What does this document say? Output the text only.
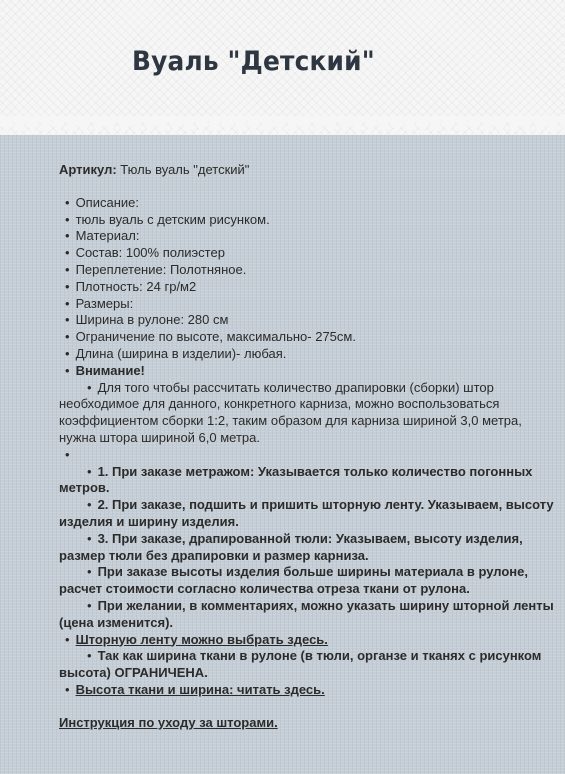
Вуаль "Детский"

Артикул: Тюль вуаль "детский"

• Описание:
• тюль вуаль с детским рисунком.
• Материал:
• Состав: 100% полиэстер
• Переплетение: Полотняное.
• Плотность: 24 гр/м2
• Размеры:
• Ширина в рулоне: 280 см
• Ограничение по высоте, максимально- 275см.
• Длина (ширина в изделии)- любая.
• Внимание!
• Для того чтобы рассчитать количество драпировки (сборки) штор необходимое для данного, конкретного карниза, можно воспользоваться коэффициентом сборки 1:2, таким образом для карниза шириной 3,0 метра, нужна штора шириной 6,0 метра.
•
• 1. При заказе метражом: Указывается только количество погонных метров.
• 2. При заказе, подшить и пришить шторную ленту. Указываем, высоту изделия и ширину изделия.
• 3. При заказе, драпированной тюли: Указываем, высоту изделия, размер тюли без драпировки и размер карниза.
• При заказе высоты изделия больше ширины материала в рулоне, расчет стоимости согласно количества отреза ткани от рулона.
• При желании, в комментариях, можно указать ширину шторной ленты (цена изменится).
• Шторную ленту можно выбрать здесь.
• Так как ширина ткани в рулоне (в тюли, органзе и тканях с рисунком высота) ОГРАНИЧЕНА.
• Высота ткани и ширина: читать здесь.

Инструкция по уходу за шторами.
